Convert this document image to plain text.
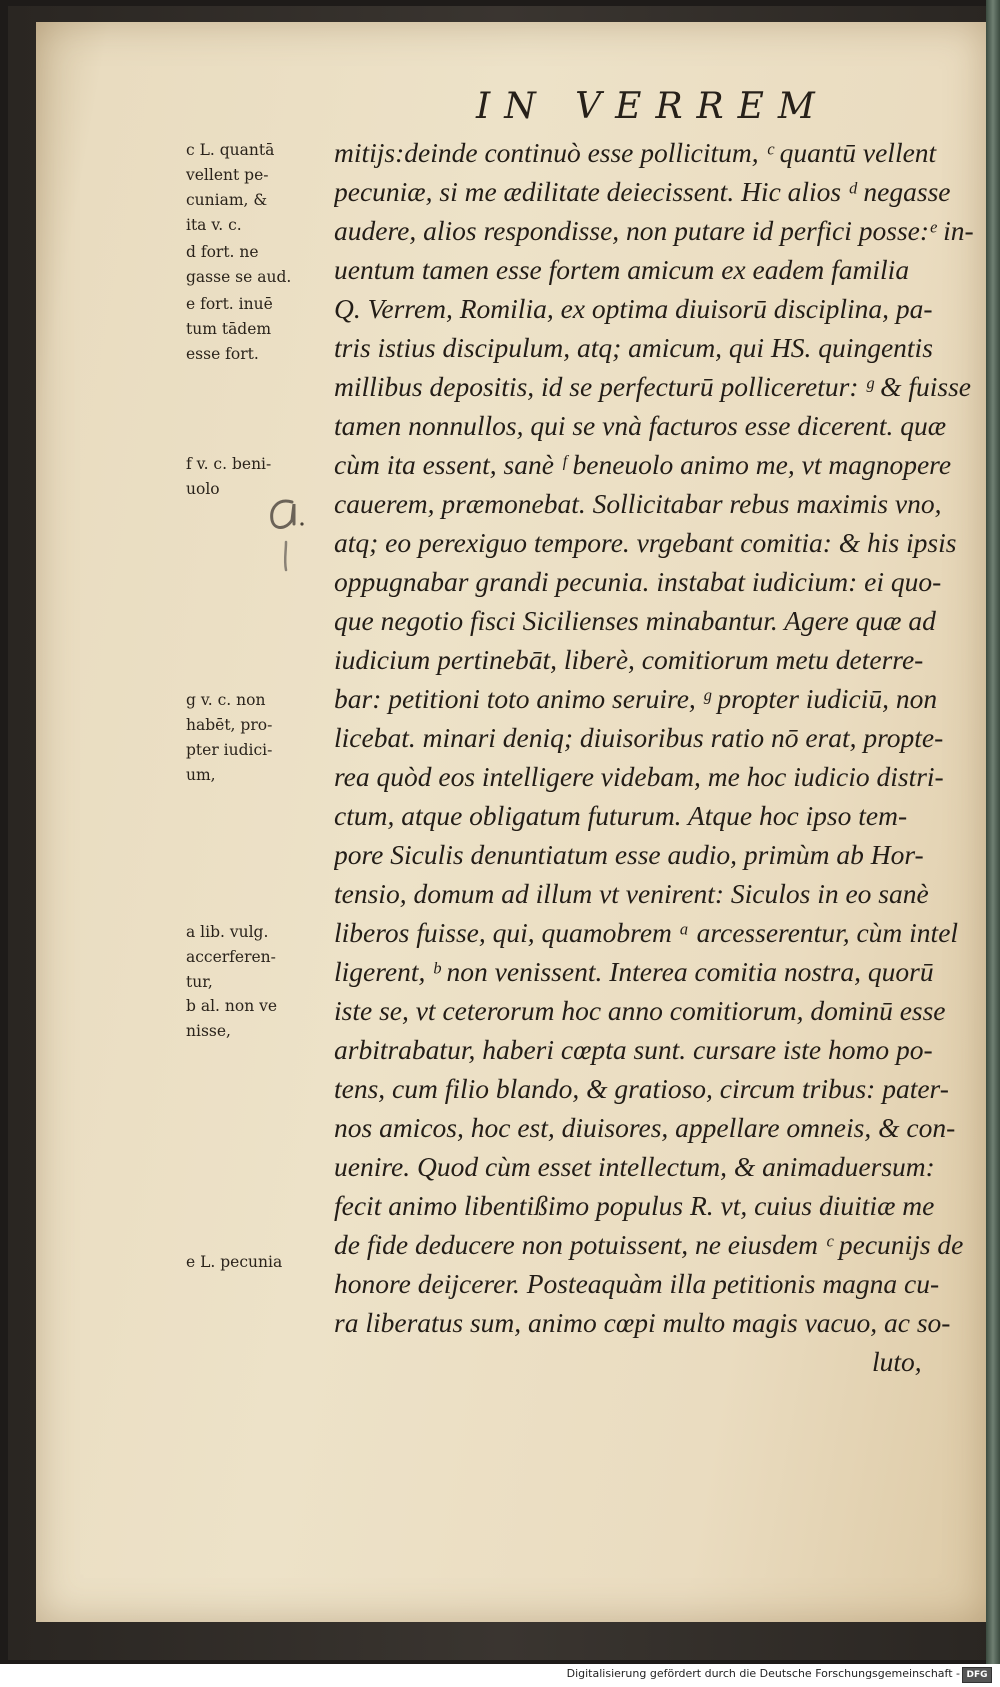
IN VERREM

mitijs:deinde continuò esse pollicitum, ᶜ quantū vellent

pecuniæ, si me ædilitate deiecissent. Hic alios ᵈ negasse

audere, alios respondisse, non putare id perfici posse:ᵉ in-

uentum tamen esse fortem amicum ex eadem familia

Q. Verrem, Romilia, ex optima diuisorū disciplina, pa-

tris istius discipulum, atq; amicum, qui HS. quingentis

millibus depositis, id se perfecturū polliceretur: ᵍ & fuisse

tamen nonnullos, qui se vnà facturos esse dicerent. quæ

cùm ita essent, sanè ᶠ beneuolo animo me, vt magnopere

cauerem, præmonebat. Sollicitabar rebus maximis vno,

atq; eo perexiguo tempore. vrgebant comitia: & his ipsis

oppugnabar grandi pecunia. instabat iudicium: ei quo-

que negotio fisci Sicilienses minabantur. Agere quæ ad

iudicium pertinebāt, liberè, comitiorum metu deterre-

bar: petitioni toto animo seruire, ᵍ propter iudiciū, non

licebat. minari deniq; diuisoribus ratio nō erat, propte-

rea quòd eos intelligere videbam, me hoc iudicio distri-

ctum, atque obligatum futurum. Atque hoc ipso tem-

pore Siculis denuntiatum esse audio, primùm ab Hor-

tensio, domum ad illum vt venirent: Siculos in eo sanè

liberos fuisse, qui, quamobrem ᵃ arcesserentur, cùm intel

ligerent, ᵇ non venissent. Interea comitia nostra, quorū

iste se, vt ceterorum hoc anno comitiorum, dominū esse

arbitrabatur, haberi cœpta sunt. cursare iste homo po-

tens, cum filio blando, & gratioso, circum tribus: pater-

nos amicos, hoc est, diuisores, appellare omneis, & con-

uenire. Quod cùm esset intellectum, & animaduersum:

fecit animo libentißimo populus R. vt, cuius diuitiæ me

de fide deducere non potuissent, ne eiusdem ᶜ pecunijs de

honore deijcerer. Posteaquàm illa petitionis magna cu-

ra liberatus sum, animo cœpi multo magis vacuo, ac so-

luto,

c L. quantā
vellent pe-
cuniam, &
ita v. c.

d fort. ne
gasse se aud.

e fort. inuē
tum tādem
esse fort.

f v. c. beni-
uolo

g v. c. non
habēt, pro-
pter iudici-
um,

a lib. vulg.
accerferen-
tur,

b al. non ve
nisse,

e L. pecunia

Digitalisierung gefördert durch die Deutsche Forschungsgemeinschaft - DFG
